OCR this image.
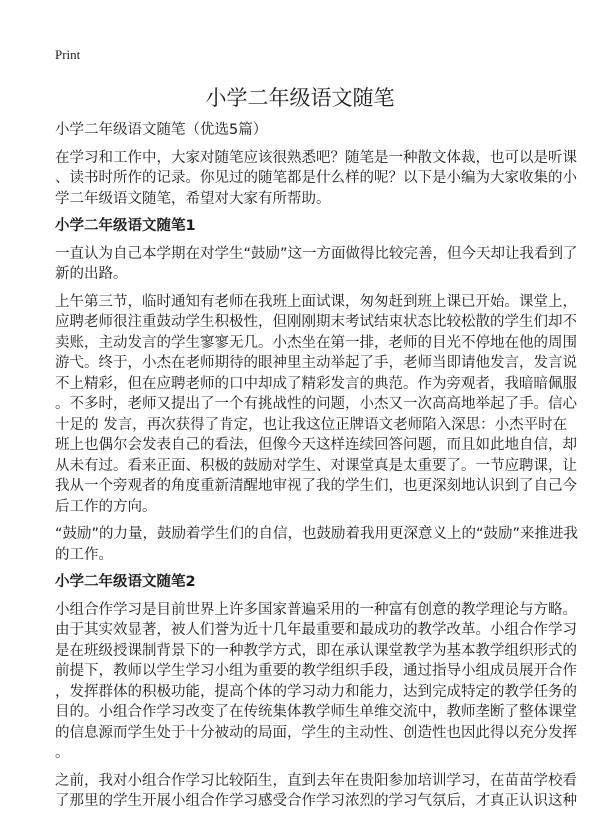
Print
小学二年级语文随笔
小学二年级语文随笔（优选5篇）
在学习和工作中，大家对随笔应该很熟悉吧？随笔是一种散文体裁，也可以是听课
、读书时所作的记录。你见过的随笔都是什么样的呢？以下是小编为大家收集的小
学二年级语文随笔，希望对大家有所帮助。
小学二年级语文随笔1
一直认为自己本学期在对学生“鼓励”这一方面做得比较完善，但今天却让我看到了
新的出路。
上午第三节，临时通知有老师在我班上面试课，匆匆赶到班上课已开始。课堂上，
应聘老师很注重鼓动学生积极性，但刚刚期末考试结束状态比较松散的学生们却不
卖账，主动发言的学生寥寥无几。小杰坐在第一排，老师的目光不停地在他的周围
游弋。终于，小杰在老师期待的眼神里主动举起了手，老师当即请他发言，发言说
不上精彩，但在应聘老师的口中却成了精彩发言的典范。作为旁观者，我暗暗佩服
。不多时，老师又提出了一个有挑战性的问题，小杰又一次高高地举起了手。信心
十足的 发言，再次获得了肯定，也让我这位正牌语文老师陷入深思：小杰平时在
班上也偶尔会发表自己的看法，但像今天这样连续回答问题，而且如此地自信，却
从未有过。看来正面、积极的鼓励对学生、对课堂真是太重要了。一节应聘课，让
我从一个旁观者的角度重新清醒地审视了我的学生们，也更深刻地认识到了自己今
后工作的方向。
“鼓励”的力量，鼓励着学生们的自信，也鼓励着我用更深意义上的“鼓励”来推进我
的工作。
小学二年级语文随笔2
小组合作学习是目前世界上许多国家普遍采用的一种富有创意的教学理论与方略。
由于其实效显著，被人们誉为近十几年最重要和最成功的教学改革。小组合作学习
是在班级授课制背景下的一种教学方式，即在承认课堂教学为基本教学组织形式的
前提下，教师以学生学习小组为重要的教学组织手段，通过指导小组成员展开合作
，发挥群体的积极功能，提高个体的学习动力和能力，达到完成特定的教学任务的
目的。小组合作学习改变了在传统集体教学师生单维交流中，教师垄断了整体课堂
的信息源而学生处于十分被动的局面，学生的主动性、创造性也因此得以充分发挥
。
之前，我对小组合作学习比较陌生，直到去年在贵阳参加培训学习，在苗苗学校看
了那里的学生开展小组合作学习感受合作学习浓烈的学习气氛后，才真正认识这种
